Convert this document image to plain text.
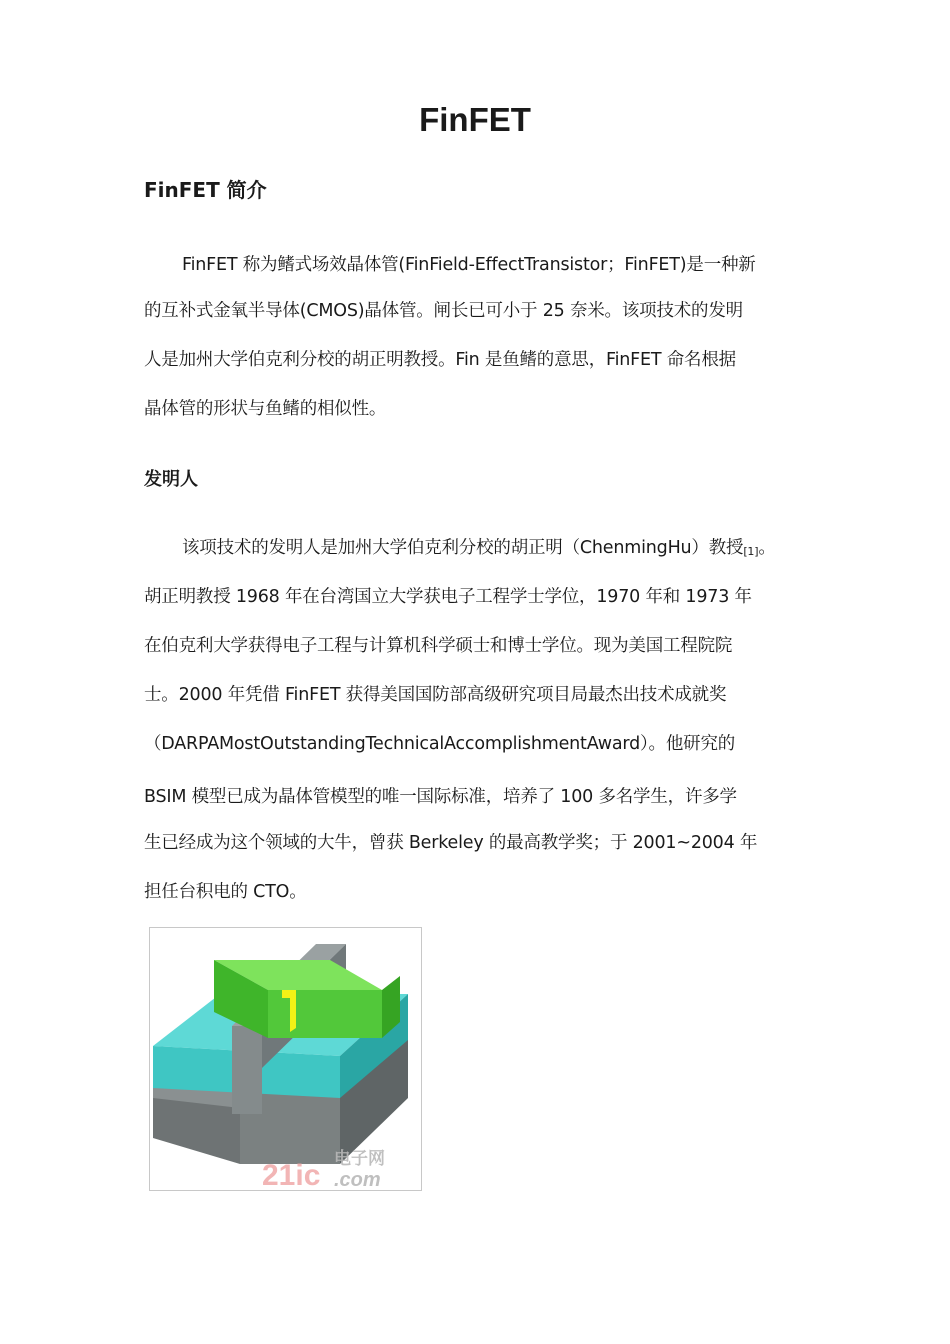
FinFET
FinFET 简介

FinFET 称为鳍式场效晶体管(FinField-EffectTransistor；FinFET)是一种新

的互补式金氧半导体(CMOS)晶体管。闸长已可小于 25 奈米。该项技术的发明

人是加州大学伯克利分校的胡正明教授。Fin 是鱼鳍的意思，FinFET 命名根据

晶体管的形状与鱼鳍的相似性。

发明人

该项技术的发明人是加州大学伯克利分校的胡正明（ChenmingHu）教授[1]。

胡正明教授 1968 年在台湾国立大学获电子工程学士学位，1970 年和 1973 年

在伯克利大学获得电子工程与计算机科学硕士和博士学位。现为美国工程院院

士。2000 年凭借 FinFET 获得美国国防部高级研究项目局最杰出技术成就奖

（DARPAMostOutstandingTechnicalAccomplishmentAward）。他研究的

BSIM 模型已成为晶体管模型的唯一国际标准，培养了 100 多名学生，许多学

生已经成为这个领域的大牛，曾获 Berkeley 的最高教学奖；于 2001~2004 年

担任台积电的 CTO。

21ic 电子网
.com
